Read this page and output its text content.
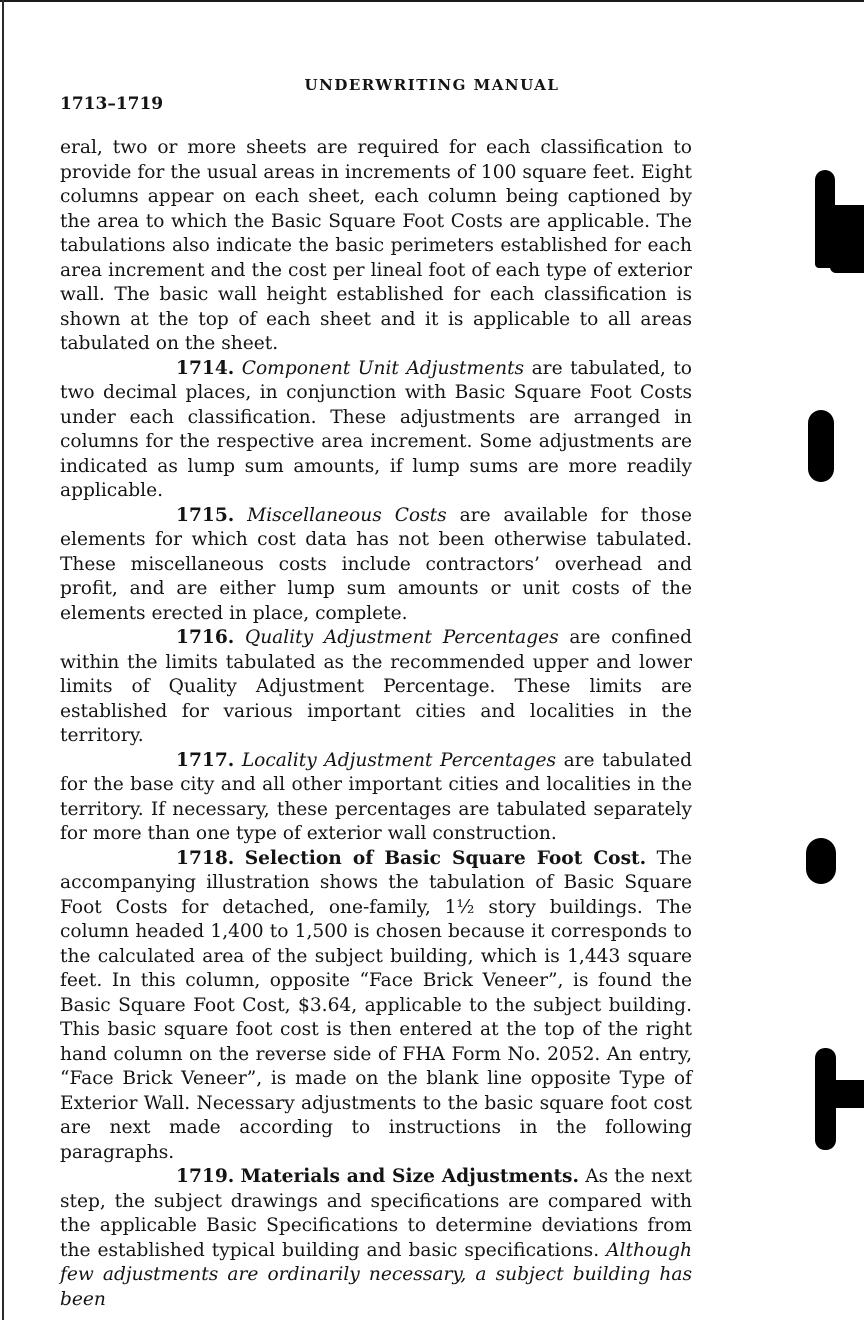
UNDERWRITING MANUAL
1713–1719

eral, two or more sheets are required for each classification to provide for the usual areas in increments of 100 square feet. Eight columns appear on each sheet, each column being captioned by the area to which the Basic Square Foot Costs are applicable. The tabulations also indicate the basic perimeters established for each area increment and the cost per lineal foot of each type of exterior wall. The basic wall height established for each classification is shown at the top of each sheet and it is applicable to all areas tabulated on the sheet.

1714. Component Unit Adjustments are tabulated, to two decimal places, in conjunction with Basic Square Foot Costs under each classification. These adjustments are arranged in columns for the respective area increment. Some adjustments are indicated as lump sum amounts, if lump sums are more readily applicable.

1715. Miscellaneous Costs are available for those elements for which cost data has not been otherwise tabulated. These miscellaneous costs include contractors’ overhead and profit, and are either lump sum amounts or unit costs of the elements erected in place, complete.

1716. Quality Adjustment Percentages are confined within the limits tabulated as the recommended upper and lower limits of Quality Adjustment Percentage. These limits are established for various important cities and localities in the territory.

1717. Locality Adjustment Percentages are tabulated for the base city and all other important cities and localities in the territory. If necessary, these percentages are tabulated separately for more than one type of exterior wall construction.

1718. Selection of Basic Square Foot Cost. The accompanying illustration shows the tabulation of Basic Square Foot Costs for detached, one-family, 1½ story buildings. The column headed 1,400 to 1,500 is chosen because it corresponds to the calculated area of the subject building, which is 1,443 square feet. In this column, opposite “Face Brick Veneer”, is found the Basic Square Foot Cost, $3.64, applicable to the subject building. This basic square foot cost is then entered at the top of the right hand column on the reverse side of FHA Form No. 2052. An entry, “Face Brick Veneer”, is made on the blank line opposite Type of Exterior Wall. Necessary adjustments to the basic square foot cost are next made according to instructions in the following paragraphs.

1719. Materials and Size Adjustments. As the next step, the subject drawings and specifications are compared with the applicable Basic Specifications to determine deviations from the established typical building and basic specifications. Although few adjustments are ordinarily necessary, a subject building has been
